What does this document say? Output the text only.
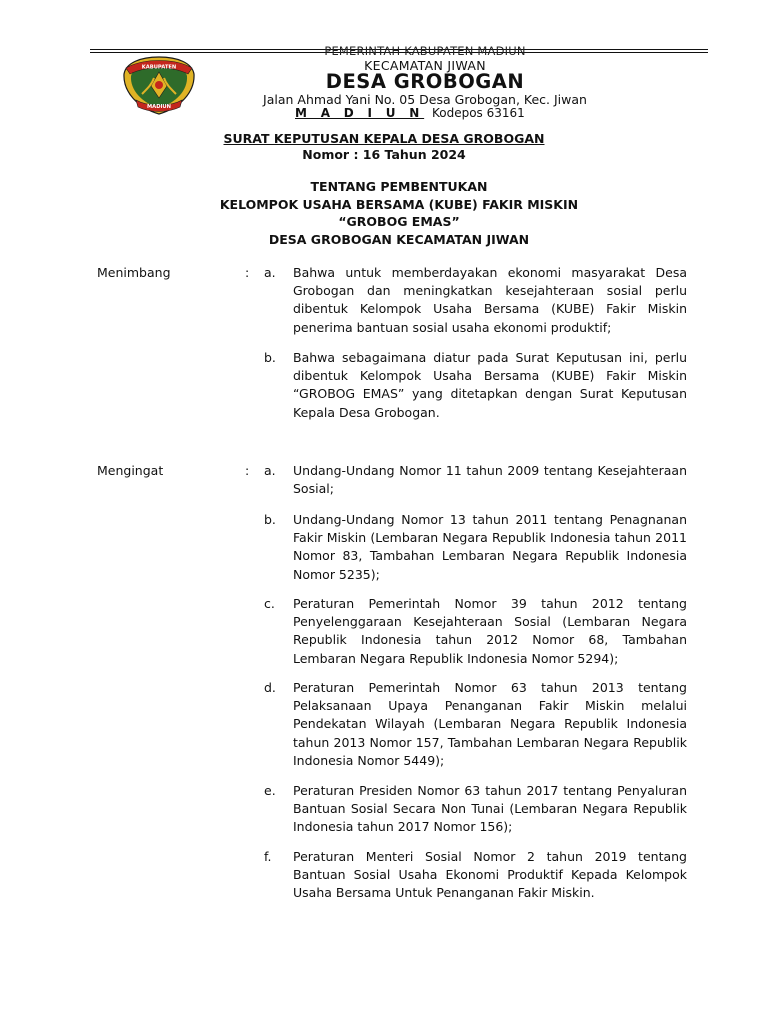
KABUPATEN
MADIUN
PEMERINTAH KABUPATEN MADIUN
KECAMATAN JIWAN
DESA GROBOGAN
Jalan Ahmad Yani No. 05 Desa Grobogan, Kec. Jiwan
M A D I U N Kodepos 63161
SURAT KEPUTUSAN KEPALA DESA GROBOGAN
Nomor : 16 Tahun 2024
TENTANG PEMBENTUKAN
KELOMPOK USAHA BERSAMA (KUBE) FAKIR MISKIN
“GROBOG EMAS”
DESA GROBOGAN KECAMATAN JIWAN
Menimbang	: a. Bahwa untuk memberdayakan ekonomi masyarakat Desa Grobogan dan meningkatkan kesejahteraan sosial perlu dibentuk Kelompok Usaha Bersama (KUBE) Fakir Miskin penerima bantuan sosial usaha ekonomi produktif;
b. Bahwa sebagaimana diatur pada Surat Keputusan ini, perlu dibentuk Kelompok Usaha Bersama (KUBE) Fakir Miskin “GROBOG EMAS” yang ditetapkan dengan Surat Keputusan Kepala Desa Grobogan.
Mengingat	: a. Undang-Undang Nomor 11 tahun 2009 tentang Kesejahteraan Sosial;
b. Undang-Undang Nomor 13 tahun 2011 tentang Penagnanan Fakir Miskin (Lembaran Negara Republik Indonesia tahun 2011 Nomor 83, Tambahan Lembaran Negara Republik Indonesia Nomor 5235);
c. Peraturan Pemerintah Nomor 39 tahun 2012 tentang Penyelenggaraan Kesejahteraan Sosial (Lembaran Negara Republik Indonesia tahun 2012 Nomor 68, Tambahan Lembaran Negara Republik Indonesia Nomor 5294);
d. Peraturan Pemerintah Nomor 63 tahun 2013 tentang Pelaksanaan Upaya Penanganan Fakir Miskin melalui Pendekatan Wilayah (Lembaran Negara Republik Indonesia tahun 2013 Nomor 157, Tambahan Lembaran Negara Republik Indonesia Nomor 5449);
e. Peraturan Presiden Nomor 63 tahun 2017 tentang Penyaluran Bantuan Sosial Secara Non Tunai (Lembaran Negara Republik Indonesia tahun 2017 Nomor 156);
f. Peraturan Menteri Sosial Nomor 2 tahun 2019 tentang Bantuan Sosial Usaha Ekonomi Produktif Kepada Kelompok Usaha Bersama Untuk Penanganan Fakir Miskin.
